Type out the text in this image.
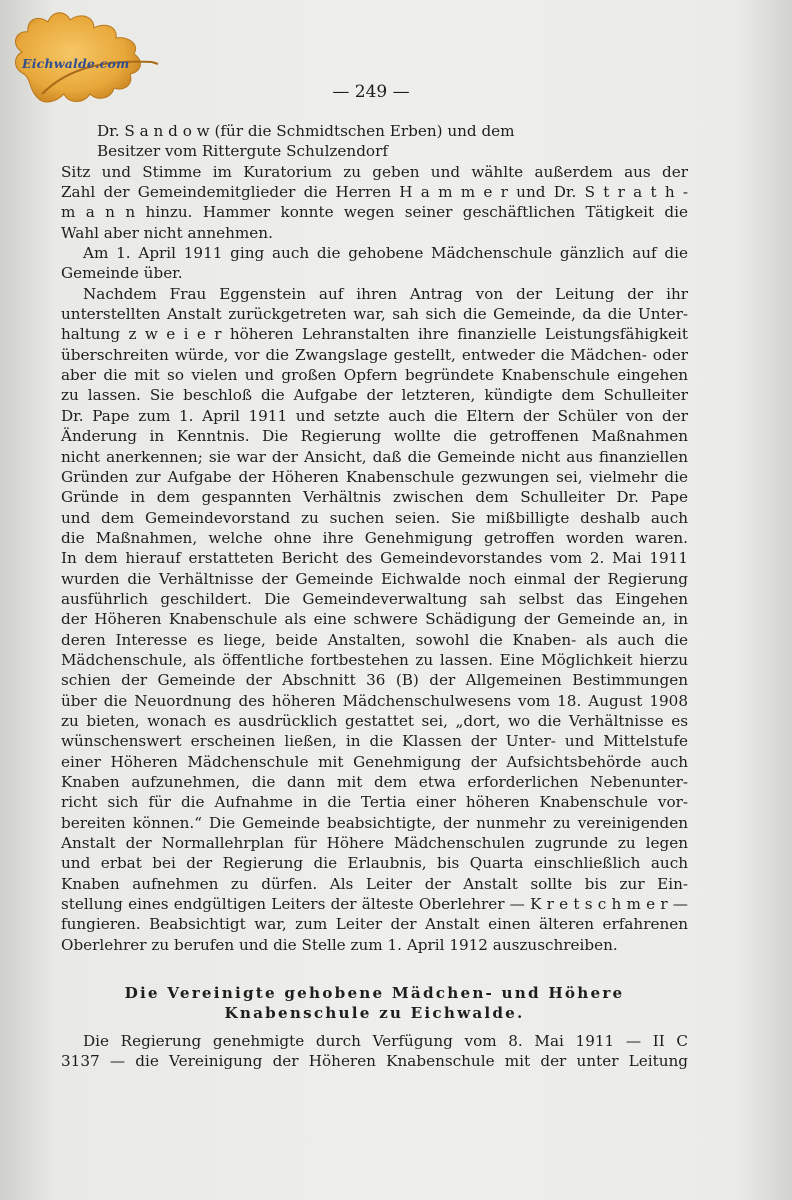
Eichwalde.com
— 249 —
Dr. S a n d o w (für die Schmidtschen Erben) und dem
Besitzer vom Rittergute Schulzendorf
Sitz und Stimme im Kuratorium zu geben und wählte außerdem aus der
Zahl der Gemeindemitglieder die Herren H a m m e r und Dr. S t r a t h -
m a n n hinzu. Hammer konnte wegen seiner geschäftlichen Tätigkeit die
Wahl aber nicht annehmen.
Am 1. April 1911 ging auch die gehobene Mädchenschule gänzlich auf die
Gemeinde über.
Nachdem Frau Eggenstein auf ihren Antrag von der Leitung der ihr
unterstellten Anstalt zurückgetreten war, sah sich die Gemeinde, da die Unter-
haltung z w e i e r höheren Lehranstalten ihre finanzielle Leistungsfähigkeit
überschreiten würde, vor die Zwangslage gestellt, entweder die Mädchen- oder
aber die mit so vielen und großen Opfern begründete Knabenschule eingehen
zu lassen. Sie beschloß die Aufgabe der letzteren, kündigte dem Schulleiter
Dr. Pape zum 1. April 1911 und setzte auch die Eltern der Schüler von der
Änderung in Kenntnis. Die Regierung wollte die getroffenen Maßnahmen
nicht anerkennen; sie war der Ansicht, daß die Gemeinde nicht aus finanziellen
Gründen zur Aufgabe der Höheren Knabenschule gezwungen sei, vielmehr die
Gründe in dem gespannten Verhältnis zwischen dem Schulleiter Dr. Pape
und dem Gemeindevorstand zu suchen seien. Sie mißbilligte deshalb auch
die Maßnahmen, welche ohne ihre Genehmigung getroffen worden waren.
In dem hierauf erstatteten Bericht des Gemeindevorstandes vom 2. Mai 1911
wurden die Verhältnisse der Gemeinde Eichwalde noch einmal der Regierung
ausführlich geschildert. Die Gemeindeverwaltung sah selbst das Eingehen
der Höheren Knabenschule als eine schwere Schädigung der Gemeinde an, in
deren Interesse es liege, beide Anstalten, sowohl die Knaben- als auch die
Mädchenschule, als öffentliche fortbestehen zu lassen. Eine Möglichkeit hierzu
schien der Gemeinde der Abschnitt 36 (B) der Allgemeinen Bestimmungen
über die Neuordnung des höheren Mädchenschulwesens vom 18. August 1908
zu bieten, wonach es ausdrücklich gestattet sei, „dort, wo die Verhältnisse es
wünschenswert erscheinen ließen, in die Klassen der Unter- und Mittelstufe
einer Höheren Mädchenschule mit Genehmigung der Aufsichtsbehörde auch
Knaben aufzunehmen, die dann mit dem etwa erforderlichen Nebenunter-
richt sich für die Aufnahme in die Tertia einer höheren Knabenschule vor-
bereiten können.“ Die Gemeinde beabsichtigte, der nunmehr zu vereinigenden
Anstalt der Normallehrplan für Höhere Mädchenschulen zugrunde zu legen
und erbat bei der Regierung die Erlaubnis, bis Quarta einschließlich auch
Knaben aufnehmen zu dürfen. Als Leiter der Anstalt sollte bis zur Ein-
stellung eines endgültigen Leiters der älteste Oberlehrer — K r e t s c h m e r —
fungieren. Beabsichtigt war, zum Leiter der Anstalt einen älteren erfahrenen
Oberlehrer zu berufen und die Stelle zum 1. April 1912 auszuschreiben.
Die Vereinigte gehobene Mädchen- und Höhere
Knabenschule zu Eichwalde.
Die Regierung genehmigte durch Verfügung vom 8. Mai 1911 — II C
3137 — die Vereinigung der Höheren Knabenschule mit der unter Leitung
